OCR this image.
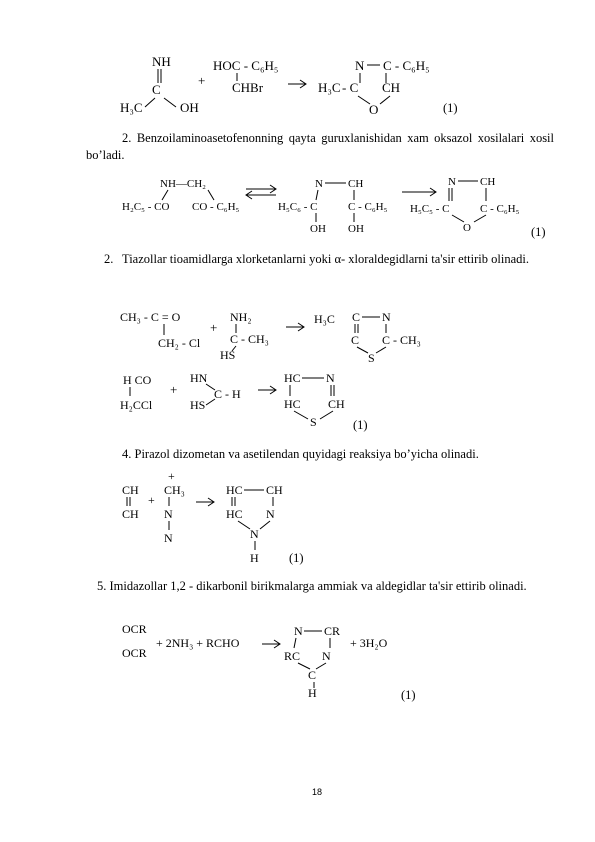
NH
C
H₃C	OH
+
HOC - C₆H₅
CHBr
N C - C₆H₅
H₃C - C CH
O	(1)
2. Benzoilaminoasetofenonning qayta guruxlanishidan xam oksazol xosilalari xosil bo’ladi.
NH—CH₂
H₂C₅ - CO CO - C₆H₅
N CH
H₅C₆ - C	C - C₆H₅
OH OH
N CH
H₅C₅ - C	C - C₆H₅
O	(1)
2. Tiazollar tioamidlarga xlorketanlarni yoki α- xloraldegidlarni ta'sir ettirib olinadi.
CH₃ - C = O
CH₂ - Cl
+
NH₂
C - CH₃
HS
H₃C C N
C C - CH₃
S
H CO
H₂CCl
+
HN
HS
C - H
HC N
HC CH
S	(1)
4. Pirazol dizometan va asetilendan quyidagi reaksiya bo’yicha olinadi.
CH
CH
+
+
CH₃
N
N
HC CH
HC N
N
H (1)
5. Imidazollar 1,2 - dikarbonil birikmalarga ammiak va aldegidlar ta'sir ettirib olinadi.
OCR
OCR
+ 2NH₃ + RCHO
N CR
RC N
C
H
+ 3H₂O
(1)
18
